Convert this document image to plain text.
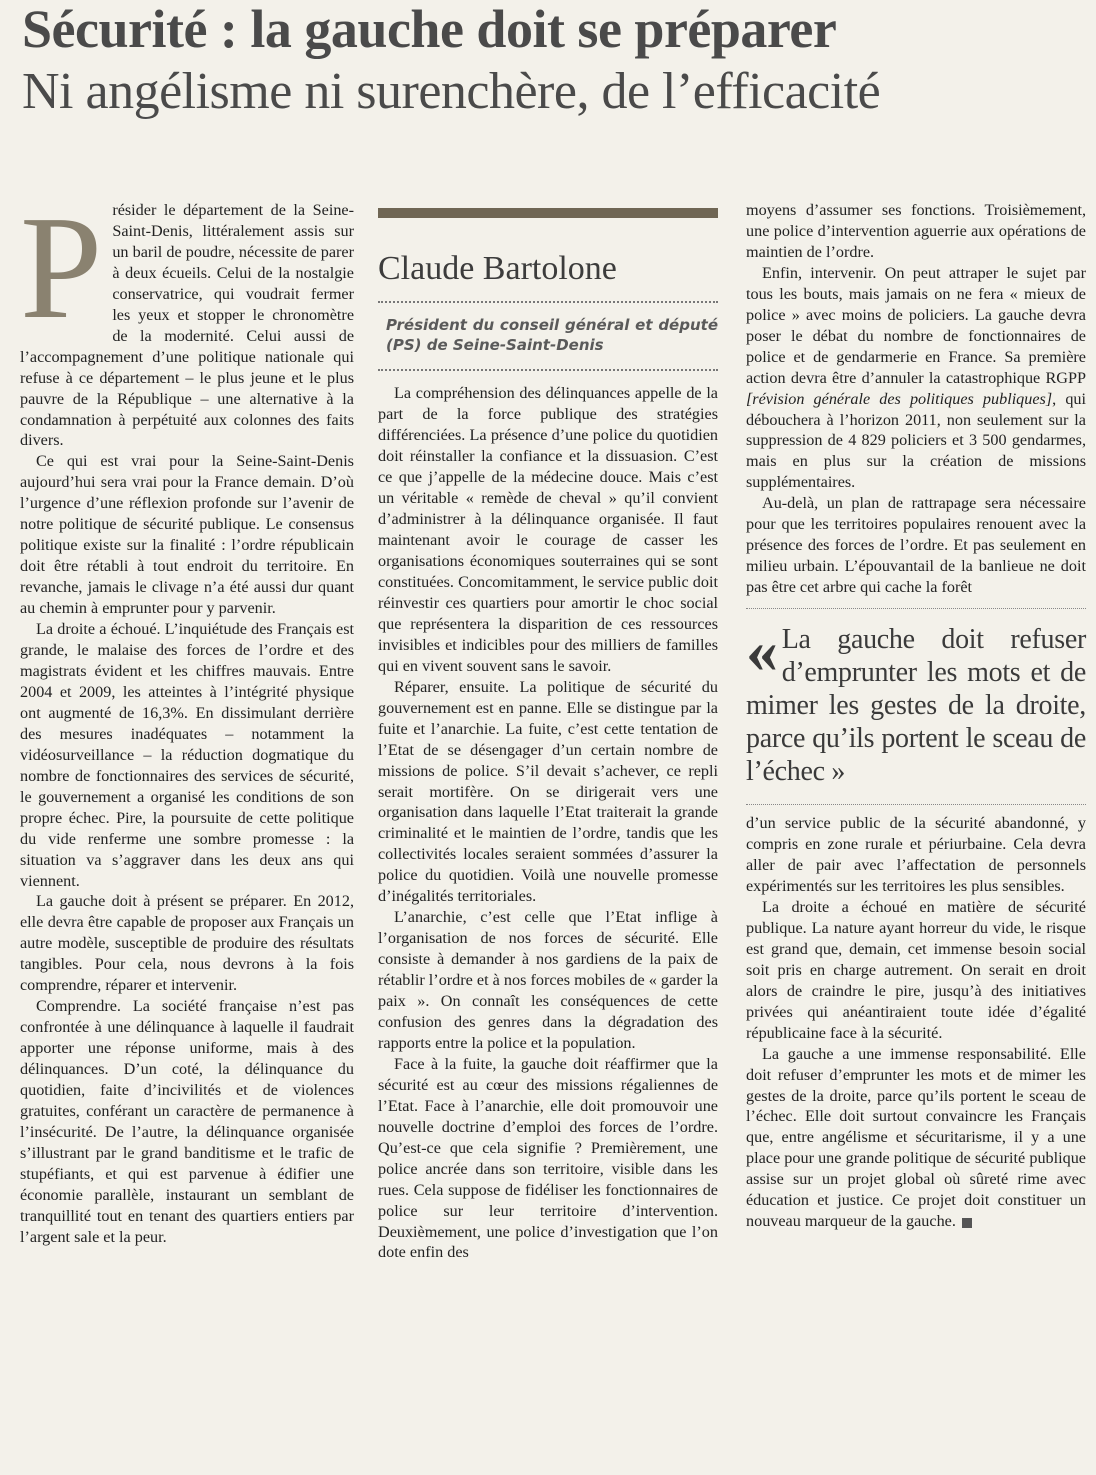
Sécurité : la gauche doit se préparer
Ni angélisme ni surenchère, de l’efficacité
P résider le département de la Seine-Saint-Denis, littéralement assis sur un baril de poudre, nécessite de parer à deux écueils. Celui de la nostalgie conservatrice, qui voudrait fermer les yeux et stopper le chronomètre de la modernité. Celui aussi de l’accompagnement d’une politique nationale qui refuse à ce département – le plus jeune et le plus pauvre de la République – une alternative à la condamnation à perpétuité aux colonnes des faits divers.

Ce qui est vrai pour la Seine-Saint-Denis aujourd’hui sera vrai pour la France demain. D’où l’urgence d’une réflexion profonde sur l’avenir de notre politique de sécurité publique. Le consensus politique existe sur la finalité : l’ordre républicain doit être rétabli à tout endroit du territoire. En revanche, jamais le clivage n’a été aussi dur quant au chemin à emprunter pour y parvenir.

La droite a échoué. L’inquiétude des Français est grande, le malaise des forces de l’ordre et des magistrats évident et les chiffres mauvais. Entre 2004 et 2009, les atteintes à l’intégrité physique ont augmenté de 16,3%. En dissimulant derrière des mesures inadéquates – notamment la vidéosurveillance – la réduction dogmatique du nombre de fonctionnaires des services de sécurité, le gouvernement a organisé les conditions de son propre échec. Pire, la poursuite de cette politique du vide renferme une sombre promesse : la situation va s’aggraver dans les deux ans qui viennent.

La gauche doit à présent se préparer. En 2012, elle devra être capable de proposer aux Français un autre modèle, susceptible de produire des résultats tangibles. Pour cela, nous devrons à la fois comprendre, réparer et intervenir.

Comprendre. La société française n’est pas confrontée à une délinquance à laquelle il faudrait apporter une réponse uniforme, mais à des délinquances. D’un coté, la délinquance du quotidien, faite d’incivilités et de violences gratuites, conférant un caractère de permanence à l’insécurité. De l’autre, la délinquance organisée s’illustrant par le grand banditisme et le trafic de stupéfiants, et qui est parvenue à édifier une économie parallèle, instaurant un semblant de tranquillité tout en tenant des quartiers entiers par l’argent sale et la peur.

Claude Bartolone
Président du conseil général et député (PS) de Seine-Saint-Denis

La compréhension des délinquances appelle de la part de la force publique des stratégies différenciées. La présence d’une police du quotidien doit réinstaller la confiance et la dissuasion. C’est ce que j’appelle de la médecine douce. Mais c’est un véritable « remède de cheval » qu’il convient d’administrer à la délinquance organisée. Il faut maintenant avoir le courage de casser les organisations économiques souterraines qui se sont constituées. Concomitamment, le service public doit réinvestir ces quartiers pour amortir le choc social que représentera la disparition de ces ressources invisibles et indicibles pour des milliers de familles qui en vivent souvent sans le savoir.

Réparer, ensuite. La politique de sécurité du gouvernement est en panne. Elle se distingue par la fuite et l’anarchie. La fuite, c’est cette tentation de l’Etat de se désengager d’un certain nombre de missions de police. S’il devait s’achever, ce repli serait mortifère. On se dirigerait vers une organisation dans laquelle l’Etat traiterait la grande criminalité et le maintien de l’ordre, tandis que les collectivités locales seraient sommées d’assurer la police du quotidien. Voilà une nouvelle promesse d’inégalités territoriales.

L’anarchie, c’est celle que l’Etat inflige à l’organisation de nos forces de sécurité. Elle consiste à demander à nos gardiens de la paix de rétablir l’ordre et à nos forces mobiles de « garder la paix ». On connaît les conséquences de cette confusion des genres dans la dégradation des rapports entre la police et la population.

Face à la fuite, la gauche doit réaffirmer que la sécurité est au cœur des missions régaliennes de l’Etat. Face à l’anarchie, elle doit promouvoir une nouvelle doctrine d’emploi des forces de l’ordre. Qu’est-ce que cela signifie ? Premièrement, une police ancrée dans son territoire, visible dans les rues. Cela suppose de fidéliser les fonctionnaires de police sur leur territoire d’intervention. Deuxièmement, une police d’investigation que l’on dote enfin des

moyens d’assumer ses fonctions. Troisièmement, une police d’intervention aguerrie aux opérations de maintien de l’ordre.

Enfin, intervenir. On peut attraper le sujet par tous les bouts, mais jamais on ne fera « mieux de police » avec moins de policiers. La gauche devra poser le débat du nombre de fonctionnaires de police et de gendarmerie en France. Sa première action devra être d’annuler la catastrophique RGPP [révision générale des politiques publiques], qui débouchera à l’horizon 2011, non seulement sur la suppression de 4 829 policiers et 3 500 gendarmes, mais en plus sur la création de missions supplémentaires.

Au-delà, un plan de rattrapage sera nécessaire pour que les territoires populaires renouent avec la présence des forces de l’ordre. Et pas seulement en milieu urbain. L’épouvantail de la banlieue ne doit pas être cet arbre qui cache la forêt

« La gauche doit refuser d’emprunter les mots et de mimer les gestes de la droite, parce qu’ils portent le sceau de l’échec »

d’un service public de la sécurité abandonné, y compris en zone rurale et périurbaine. Cela devra aller de pair avec l’affectation de personnels expérimentés sur les territoires les plus sensibles.

La droite a échoué en matière de sécurité publique. La nature ayant horreur du vide, le risque est grand que, demain, cet immense besoin social soit pris en charge autrement. On serait en droit alors de craindre le pire, jusqu’à des initiatives privées qui anéantiraient toute idée d’égalité républicaine face à la sécurité.

La gauche a une immense responsabilité. Elle doit refuser d’emprunter les mots et de mimer les gestes de la droite, parce qu’ils portent le sceau de l’échec. Elle doit surtout convaincre les Français que, entre angélisme et sécuritarisme, il y a une place pour une grande politique de sécurité publique assise sur un projet global où sûreté rime avec éducation et justice. Ce projet doit constituer un nouveau marqueur de la gauche.
